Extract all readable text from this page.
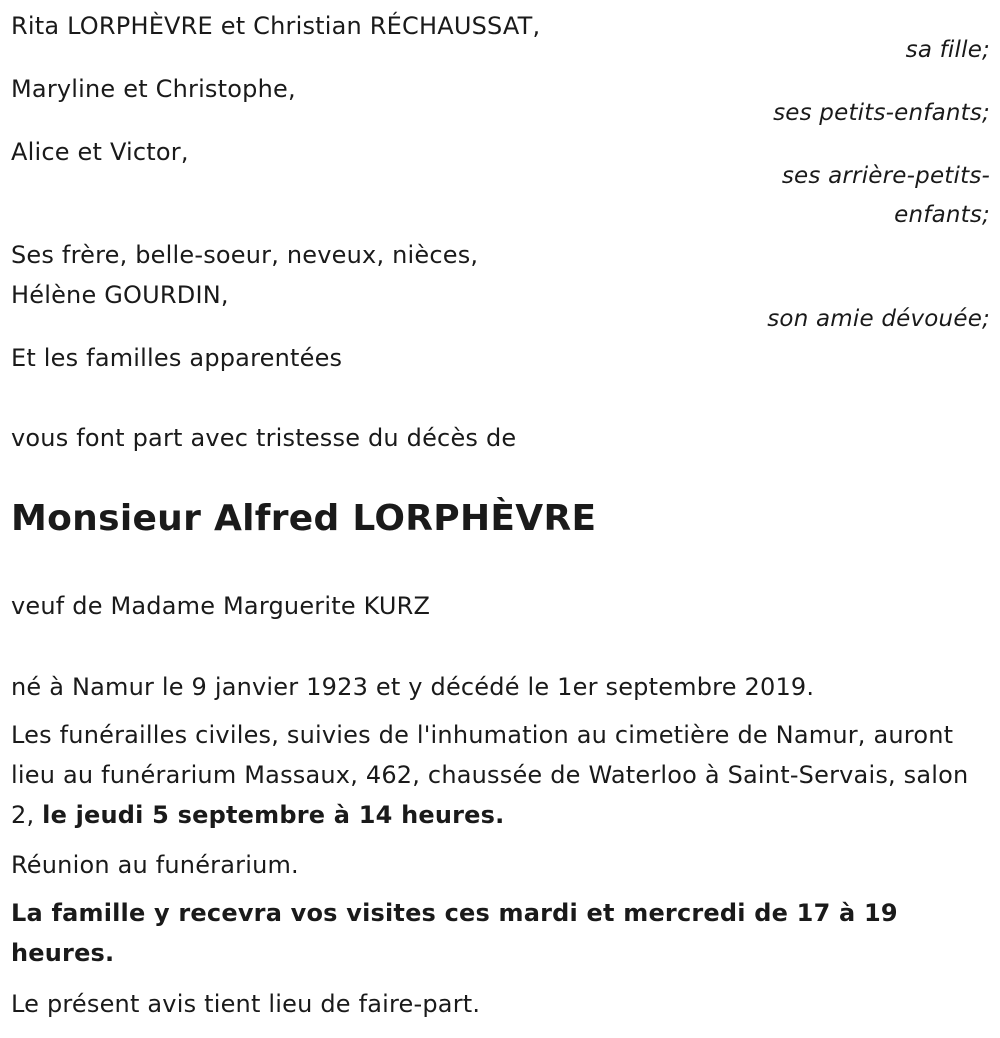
Rita LORPHÈVRE et Christian RÉCHAUSSAT,
sa fille;
Maryline et Christophe,
ses petits-enfants;
Alice et Victor,
ses arrière-petits-
enfants;
Ses frère, belle-soeur, neveux, nièces,
Hélène GOURDIN,
son amie dévouée;
Et les familles apparentées
vous font part avec tristesse du décès de
Monsieur Alfred LORPHÈVRE
veuf de Madame Marguerite KURZ
né à Namur le 9 janvier 1923 et y décédé le 1er septembre 2019.
Les funérailles civiles, suivies de l'inhumation au cimetière de Namur, auront lieu au funérarium Massaux, 462, chaussée de Waterloo à Saint-Servais, salon 2, le jeudi 5 septembre à 14 heures.
Réunion au funérarium.
La famille y recevra vos visites ces mardi et mercredi de 17 à 19 heures.
Le présent avis tient lieu de faire-part.
